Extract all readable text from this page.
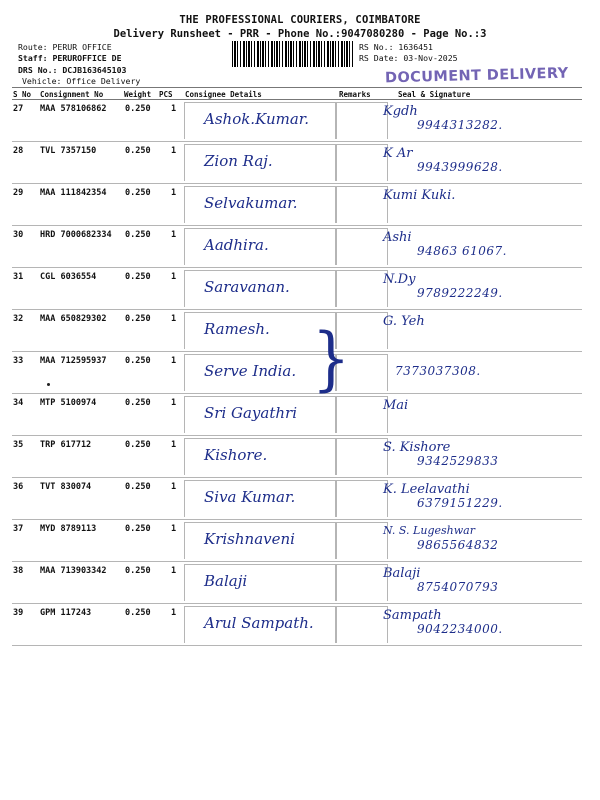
THE PROFESSIONAL COURIERS, COIMBATORE
Delivery Runsheet - PRR - Phone No.:9047080280 - Page No.:3
Route: PERUR OFFICE
Staff: PERUROFFICE DE
DRS No.: DCJB163645103
Vehicle: Office Delivery
RS No.: 1636451
RS Date: 03-Nov-2025
DOCUMENT DELIVERY
S No Consignment No	Weight PCS Consignee Details	Remarks	Seal & Signature
27 MAA 578106862 0.250 1
Ashok.Kumar.	Kgdh
9944313282.
28 TVL 7357150	0.250 1
Zion Raj.	K Ar
9943999628.
29 MAA 111842354 0.250 1
Selvakumar.	Kumi Kuki.
30 HRD 7000682334 0.250 1
Aadhira.	Ashi
94863 61067.
31 CGL 6036554	0.250 1
Saravanan.	N.Dy
9789222249.
32 MAA 650829302 0.250 1
Ramesh.	G. Yeh
33 MAA 712595937 0.250 1
Serve India.	7373037308.
34 MTP 5100974	0.250 1
Sri Gayathri	Mai
35 TRP 617712	0.250 1
Kishore.	S. Kishore
9342529833
36 TVT 830074	0.250 1
Siva Kumar.	K. Leelavathi
6379151229.
37 MYD 8789113	0.250 1
Krishnaveni	N. S. Lugeshwar
9865564832
38 MAA 713903342 0.250 1
Balaji	Balaji
8754070793
39 GPM 117243	0.250 1
Arul Sampath.	Sampath
9042234000.
}
